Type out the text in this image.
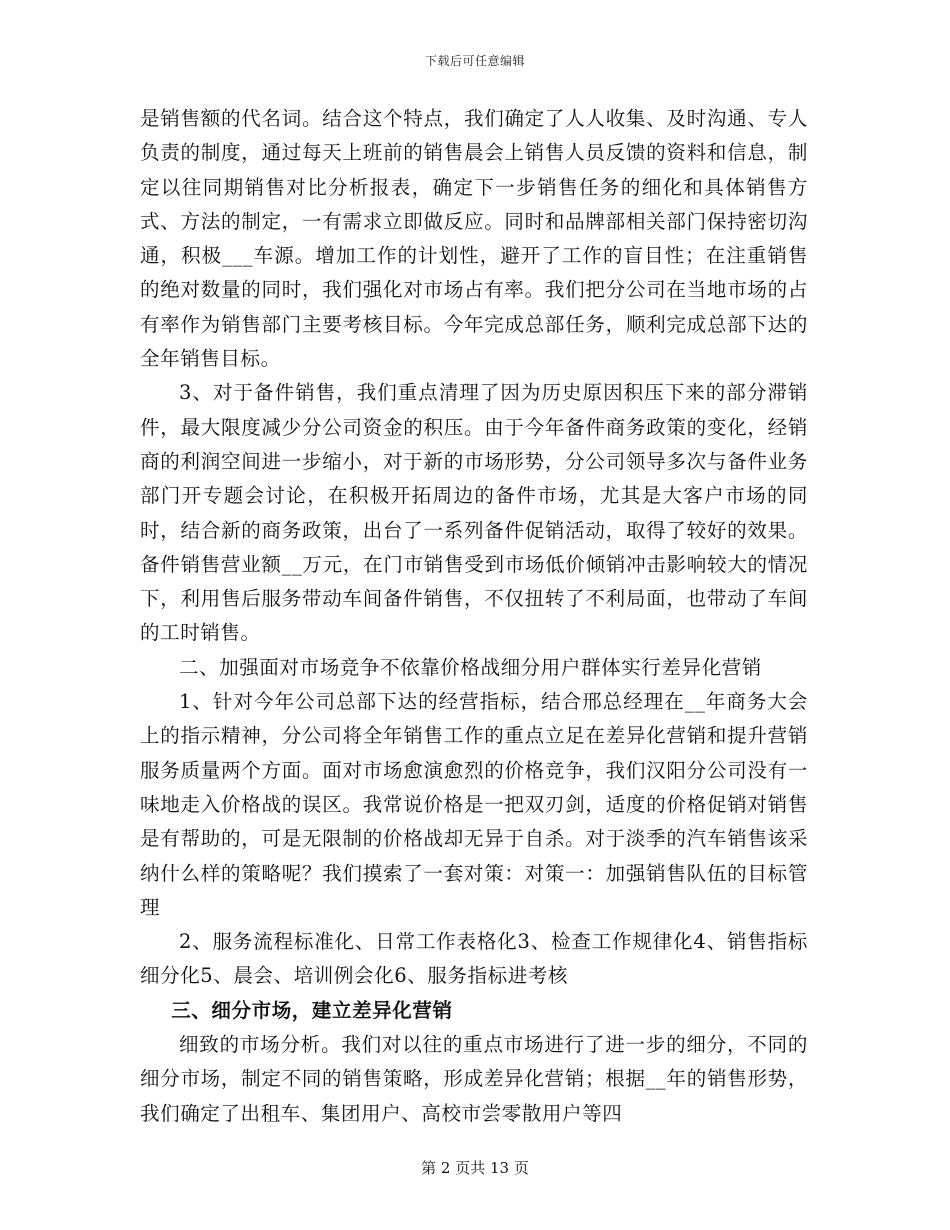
下载后可任意编辑

是销售额的代名词。结合这个特点，我们确定了人人收集、及时沟通、专人负责的制度，通过每天上班前的销售晨会上销售人员反馈的资料和信息，制定以往同期销售对比分析报表，确定下一步销售任务的细化和具体销售方式、方法的制定，一有需求立即做反应。同时和品牌部相关部门保持密切沟通，积极___车源。增加工作的计划性，避开了工作的盲目性；在注重销售的绝对数量的同时，我们强化对市场占有率。我们把分公司在当地市场的占有率作为销售部门主要考核目标。今年完成总部任务，顺利完成总部下达的全年销售目标。

3、对于备件销售，我们重点清理了因为历史原因积压下来的部分滞销件，最大限度减少分公司资金的积压。由于今年备件商务政策的变化，经销商的利润空间进一步缩小，对于新的市场形势，分公司领导多次与备件业务部门开专题会讨论，在积极开拓周边的备件市场，尤其是大客户市场的同时，结合新的商务政策，出台了一系列备件促销活动，取得了较好的效果。备件销售营业额__万元，在门市销售受到市场低价倾销冲击影响较大的情况下，利用售后服务带动车间备件销售，不仅扭转了不利局面，也带动了车间的工时销售。

二、加强面对市场竞争不依靠价格战细分用户群体实行差异化营销

1、针对今年公司总部下达的经营指标，结合邢总经理在__年商务大会上的指示精神，分公司将全年销售工作的重点立足在差异化营销和提升营销服务质量两个方面。面对市场愈演愈烈的价格竞争，我们汉阳分公司没有一味地走入价格战的误区。我常说价格是一把双刃剑，适度的价格促销对销售是有帮助的，可是无限制的价格战却无异于自杀。对于淡季的汽车销售该采纳什么样的策略呢？我们摸索了一套对策：对策一：加强销售队伍的目标管理

2、服务流程标准化、日常工作表格化3、检查工作规律化4、销售指标细分化5、晨会、培训例会化6、服务指标进考核

三、细分市场，建立差异化营销

细致的市场分析。我们对以往的重点市场进行了进一步的细分，不同的细分市场，制定不同的销售策略，形成差异化营销；根据__年的销售形势，我们确定了出租车、集团用户、高校市尝零散用户等四

第 2 页共 13 页
